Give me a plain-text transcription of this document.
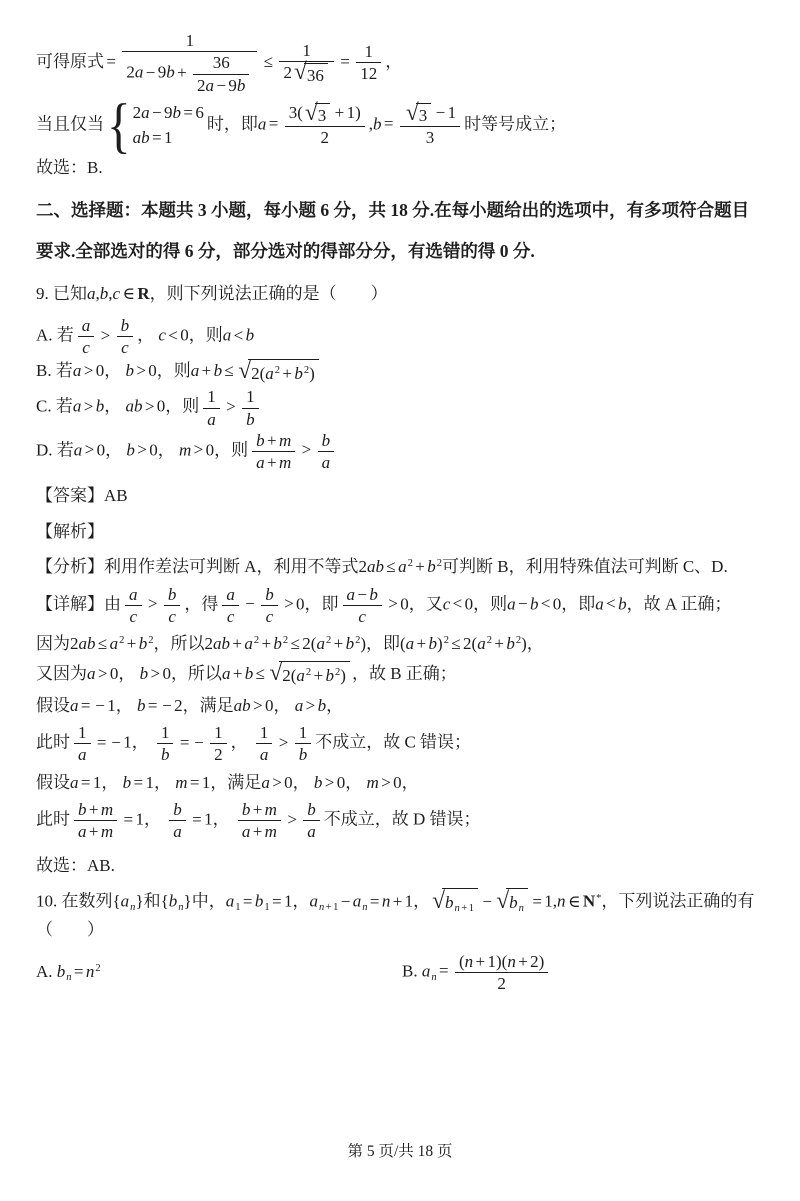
可得原式 = $\frac{1}{2a - 9b + \frac{36}{2a - 9b}} \le \frac{1}{2 √ 36} = \frac{1}{12}$ ，
当且仅当 { 2a − 9b = 6
ab = 1
时，即$a = \frac{3( √ 3 + 1)}{2} ,b = \frac{√ 3 - 1}{3}$ 时等号成立；
故选：B.
二、选择题：本题共 3 小题，每小题 6 分，共 18 分.在每小题给出的选项中，有多项符合题目要求.全部选对的得 6 分，部分选对的得部分分，有选错的得 0 分.
9. 已知a,b,c ∈ R，则下列说法正确的是（　　）
A. 若 $\frac{a}{c} > \frac{b}{c}$ ， c < 0，则a < b
B. 若a > 0， b > 0，则a + b ≤ √ $2(a^2 + b^2)$
C. 若a > b， ab > 0，则 $\frac{1}{a} > \frac{1}{b}$
D. 若a > 0， b > 0， m > 0，则 $\frac{b + m}{a + m} > \frac{b}{a}$
【答案】AB
【解析】
【分析】利用作差法可判断 A，利用不等式$2ab \le a^2 + b^2$可判断 B，利用特殊值法可判断 C、D.
【详解】由 $\frac{a}{c} > \frac{b}{c}$ ，得 $\frac{a}{c} - \frac{b}{c} > 0$，即 $\frac{a - b}{c} > 0$，又c < 0，则a − b < 0，即a < b，故 A 正确；
因为$2ab \le a^2 + b^2$，所以$2ab + a^2 + b^2 \le 2(a^2 + b^2)$，即$(a + b)^2 \le 2(a^2 + b^2)$，
又因为a > 0， b > 0，所以a + b ≤ √ $2(a^2 + b^2)$ ，故 B 正确；
假设a = − 1， b = − 2，满足ab > 0， a > b，
此时 $\frac{1}{a}$ = − 1， $\frac{1}{b}$ = − $\frac{1}{2}$ ， $\frac{1}{a} > \frac{1}{b}$ 不成立，故 C 错误；
假设a = 1， b = 1， m = 1，满足a > 0， b > 0， m > 0，
此时 $\frac{b + m}{a + m} = 1$， $\frac{b}{a} = 1$， $\frac{b + m}{a + m} > \frac{b}{a}$ 不成立，故 D 错误；
故选：AB.
10. 在数列$\{a_n\}$和$\{b_n\}$中，$a_1 = b_1 = 1$，$a_{n+1} - a_n = n + 1$， √ $b_{n+1}$ − √ $b_n = 1,n$ ∈ N*，下列说法正确的有（　　）
A. $b_n = n^2$	B. $a_n = \frac{(n + 1)(n + 2)}{2}$
第 5 页/共 18 页
